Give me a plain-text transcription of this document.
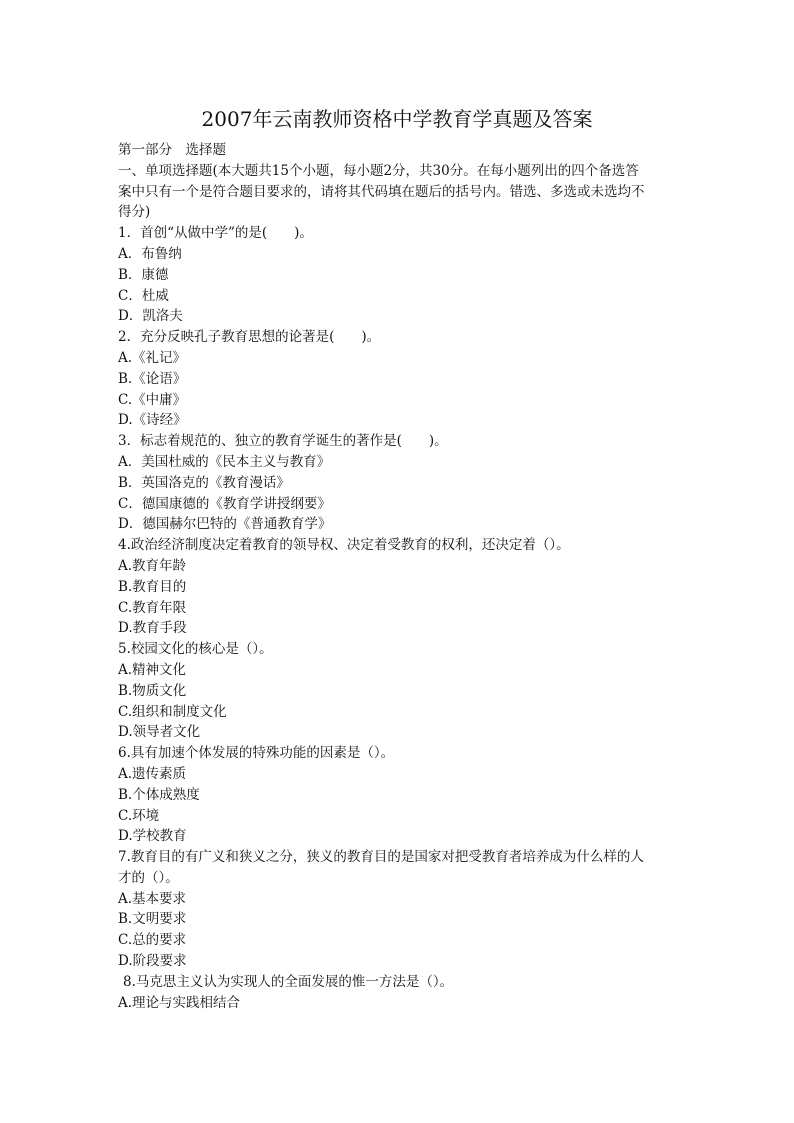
2007年云南教师资格中学教育学真题及答案
第一部分　选择题
一、单项选择题(本大题共15个小题，每小题2分，共30分。在每小题列出的四个备选答
案中只有一个是符合题目要求的，请将其代码填在题后的括号内。错选、多选或未选均不
得分)
1．首创“从做中学”的是(　　)。
A．布鲁纳
B．康德
C．杜威
D．凯洛夫
2．充分反映孔子教育思想的论著是(　　)。
A.《礼记》
B.《论语》
C.《中庸》
D.《诗经》
3．标志着规范的、独立的教育学诞生的著作是(　　)。
A．美国杜威的《民本主义与教育》
B．英国洛克的《教育漫话》
C．德国康德的《教育学讲授纲要》
D．德国赫尔巴特的《普通教育学》
4.政治经济制度决定着教育的领导权、决定着受教育的权利，还决定着（）。
A.教育年龄
B.教育目的
C.教育年限
D.教育手段
5.校园文化的核心是（）。
A.精神文化
B.物质文化
C.组织和制度文化
D.领导者文化
6.具有加速个体发展的特殊功能的因素是（）。
A.遗传素质
B.个体成熟度
C.环境
D.学校教育
7.教育目的有广义和狭义之分，狭义的教育目的是国家对把受教育者培养成为什么样的人
才的（）。
A.基本要求
B.文明要求
C.总的要求
D.阶段要求
8.马克思主义认为实现人的全面发展的惟一方法是（）。
A.理论与实践相结合
